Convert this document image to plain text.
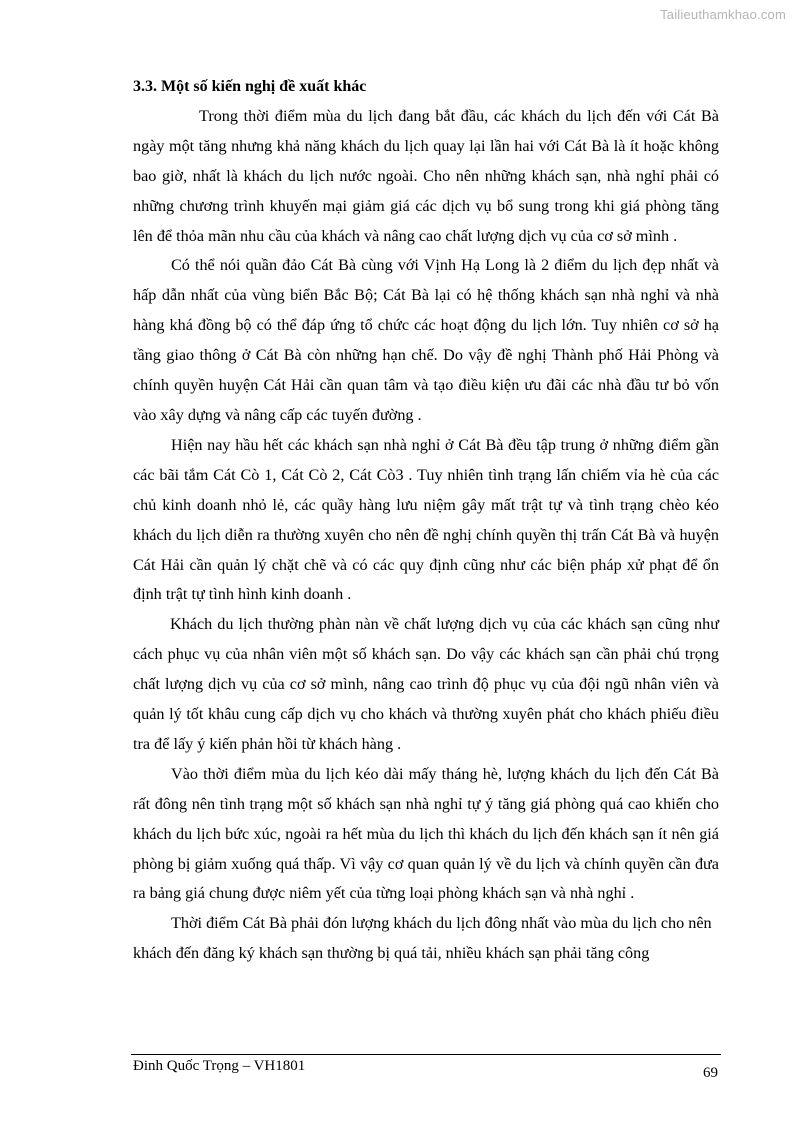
Tailieuthamkhao.com

3.3. Một số kiến nghị đề xuất khác

Trong thời điểm mùa du lịch đang bắt đầu, các khách du lịch đến với Cát Bà ngày một tăng nhưng khả năng khách du lịch quay lại lần hai với Cát Bà là ít hoặc không bao giờ, nhất là khách du lịch nước ngoài. Cho nên những khách sạn, nhà nghỉ phải có những chương trình khuyến mại giảm giá các dịch vụ bổ sung trong khi giá phòng tăng lên để thỏa mãn nhu cầu của khách và nâng cao chất lượng dịch vụ của cơ sở mình .

Có thể nói quần đảo Cát Bà cùng với Vịnh Hạ Long là 2 điểm du lịch đẹp nhất và hấp dẫn nhất của vùng biển Bắc Bộ; Cát Bà lại có hệ thống khách sạn nhà nghỉ và nhà hàng khá đồng bộ có thể đáp ứng tổ chức các hoạt động du lịch lớn. Tuy nhiên cơ sở hạ tầng giao thông ở Cát Bà còn những hạn chế. Do vậy đề nghị Thành phố Hải Phòng và chính quyền huyện Cát Hải cần quan tâm và tạo điều kiện ưu đãi các nhà đầu tư bỏ vốn vào xây dựng và nâng cấp các tuyến đường .

Hiện nay hầu hết các khách sạn nhà nghỉ ở Cát Bà đều tập trung ở những điểm gần các bãi tắm Cát Cò 1, Cát Cò 2, Cát Cò3 . Tuy nhiên tình trạng lấn chiếm vỉa hè của các chủ kinh doanh nhỏ lẻ, các quầy hàng lưu niệm gây mất trật tự và tình trạng chèo kéo khách du lịch diễn ra thường xuyên cho nên đề nghị chính quyền thị trấn Cát Bà và huyện Cát Hải cần quản lý chặt chẽ và có các quy định cũng như các biện pháp xử phạt để ổn định trật tự tình hình kinh doanh .

Khách du lịch thường phàn nàn về chất lượng dịch vụ của các khách sạn cũng như cách phục vụ của nhân viên một số khách sạn. Do vậy các khách sạn cần phải chú trọng chất lượng dịch vụ của cơ sở mình, nâng cao trình độ phục vụ của đội ngũ nhân viên và quản lý tốt khâu cung cấp dịch vụ cho khách và thường xuyên phát cho khách phiếu điều tra để lấy ý kiến phản hồi từ khách hàng .

Vào thời điểm mùa du lịch kéo dài mấy tháng hè, lượng khách du lịch đến Cát Bà rất đông nên tình trạng một số khách sạn nhà nghỉ tự ý tăng giá phòng quá cao khiến cho khách du lịch bức xúc, ngoài ra hết mùa du lịch thì khách du lịch đến khách sạn ít nên giá phòng bị giảm xuống quá thấp. Vì vậy cơ quan quản lý về du lịch và chính quyền cần đưa ra bảng giá chung được niêm yết của từng loại phòng khách sạn và nhà nghỉ .

Thời điểm Cát Bà phải đón lượng khách du lịch đông nhất vào mùa du lịch cho nên khách đến đăng ký khách sạn thường bị quá tải, nhiều khách sạn phải tăng công

Đinh Quốc Trọng – VH1801	69
